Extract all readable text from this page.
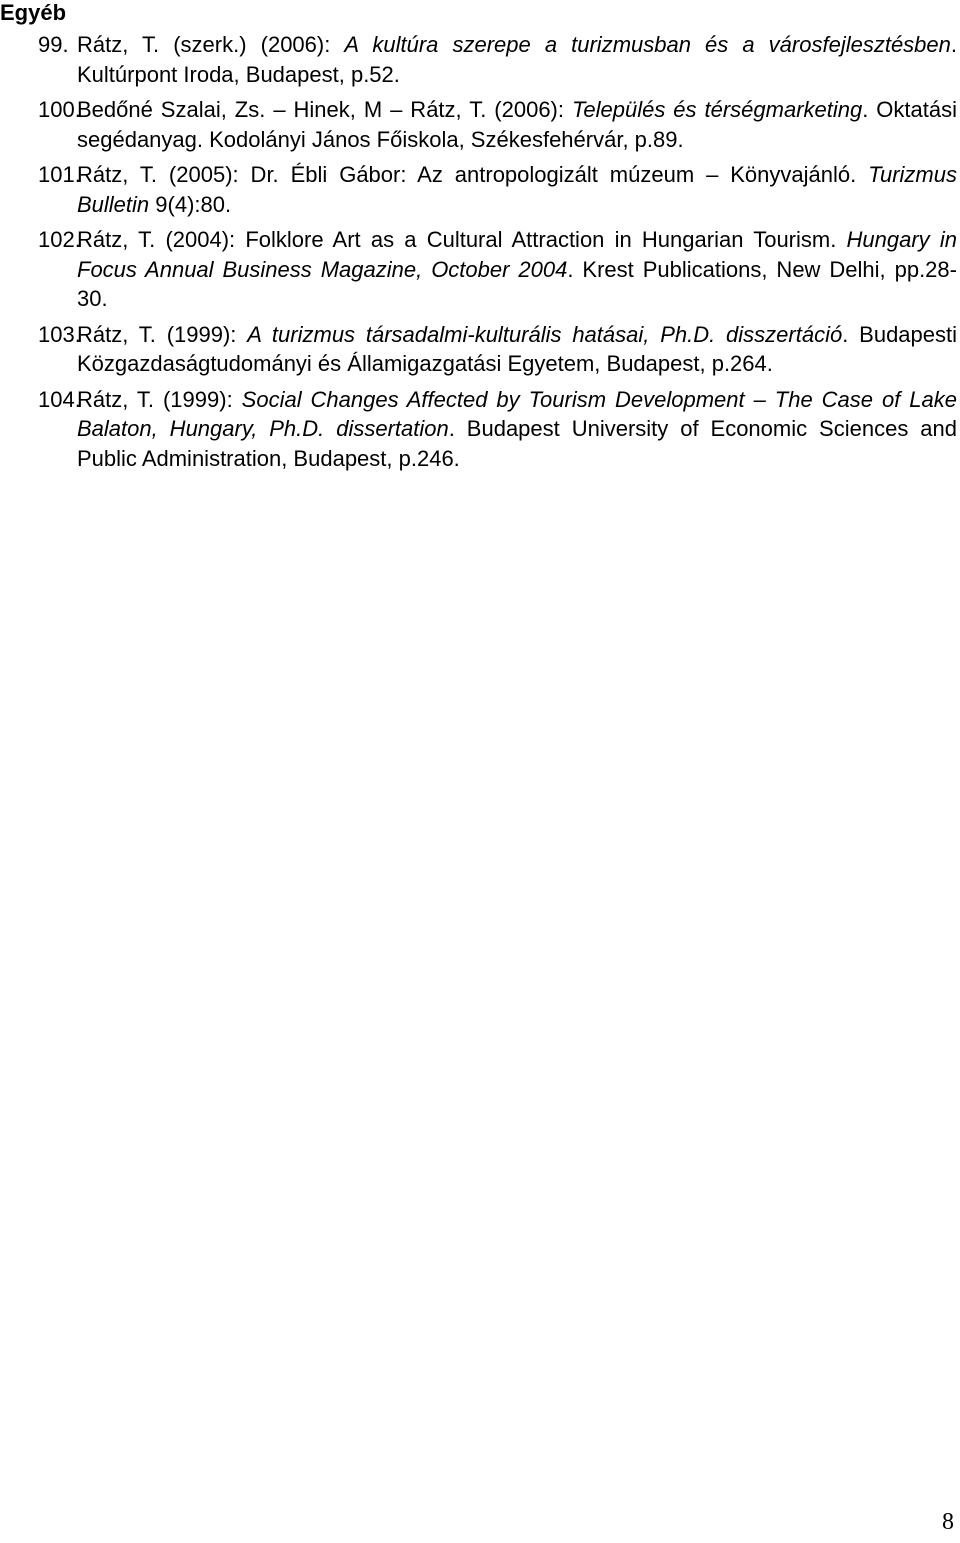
Egyéb
99. Rátz, T. (szerk.) (2006): A kultúra szerepe a turizmusban és a városfejlesztésben. Kultúrpont Iroda, Budapest, p.52.

100.

Bedőné Szalai, Zs. – Hinek, M – Rátz, T. (2006): Település és térségmarketing. Oktatási segédanyag. Kodolányi János Főiskola, Székesfehérvár, p.89.

101.

Rátz, T. (2005): Dr. Ébli Gábor: Az antropologizált múzeum – Könyvajánló. Turizmus Bulletin 9(4):80.

102.

Rátz, T. (2004): Folklore Art as a Cultural Attraction in Hungarian Tourism. Hungary in Focus Annual Business Magazine, October 2004. Krest Publications, New Delhi, pp.28-30.

103.

Rátz, T. (1999): A turizmus társadalmi-kulturális hatásai, Ph.D. disszertáció. Budapesti Közgazdaságtudományi és Államigazgatási Egyetem, Budapest, p.264.

104.

Rátz, T. (1999): Social Changes Affected by Tourism Development – The Case of Lake Balaton, Hungary, Ph.D. dissertation. Budapest University of Economic Sciences and Public Administration, Budapest, p.246.

8
